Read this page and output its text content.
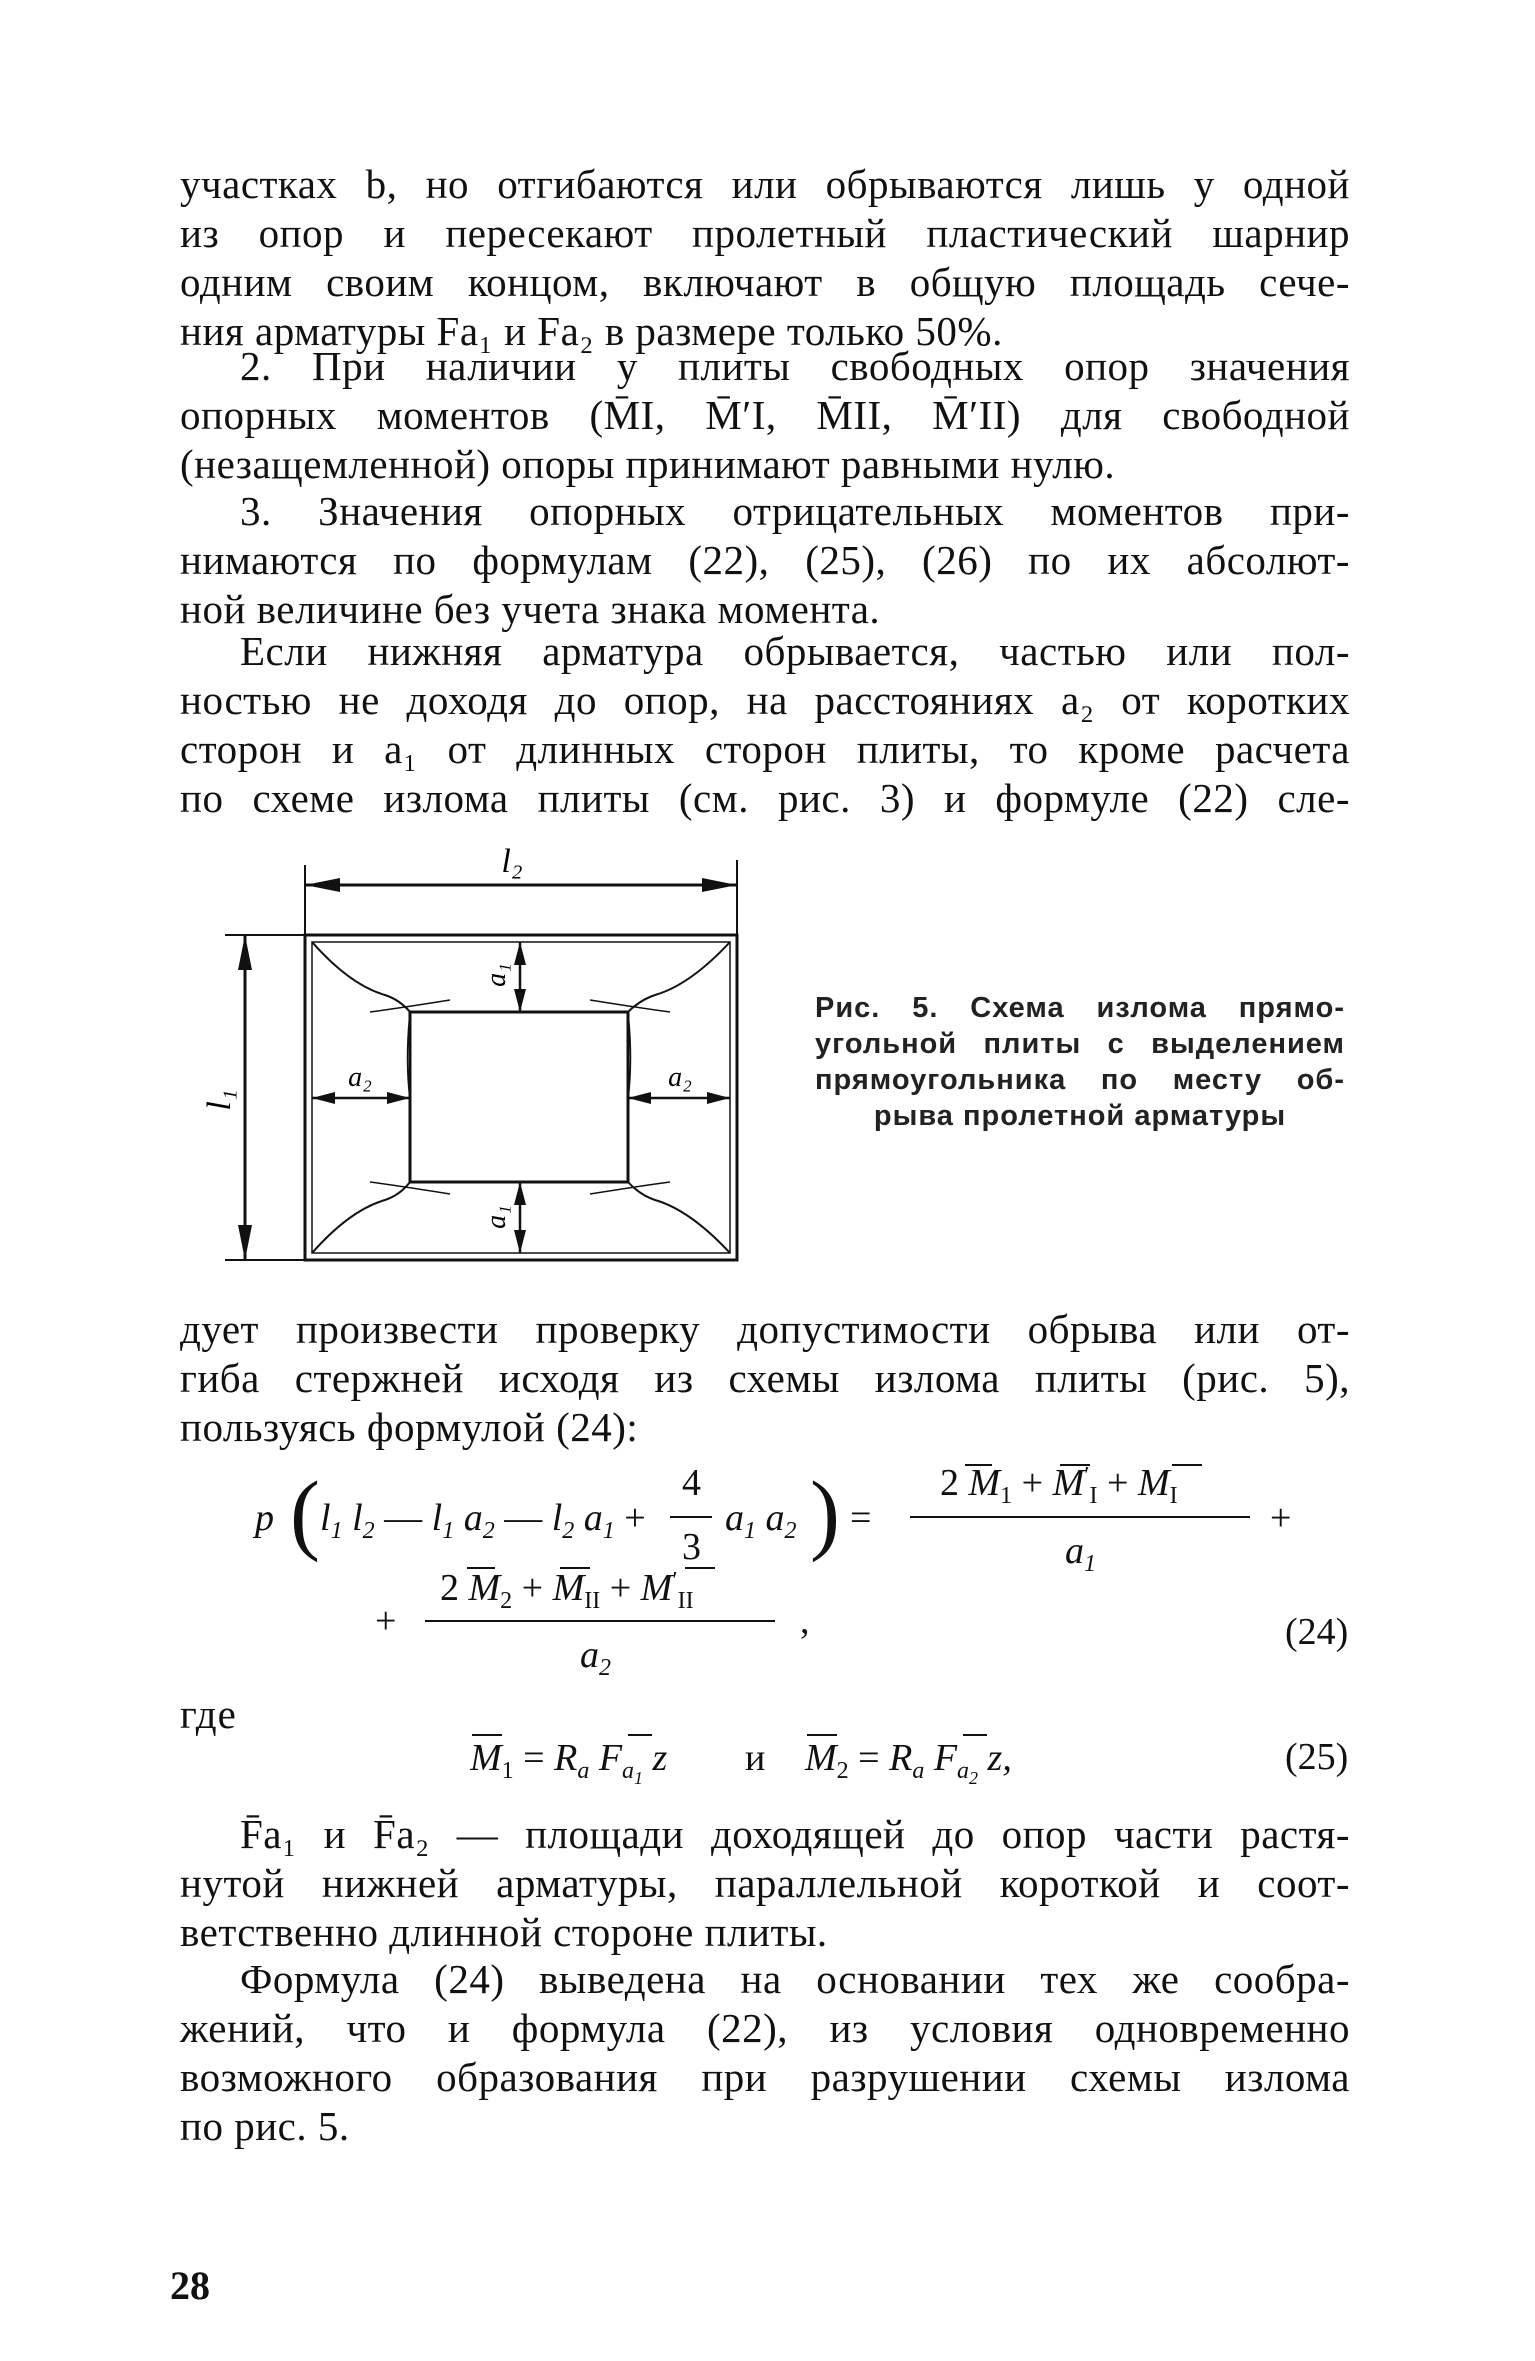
участках b, но отгибаются или обрываются лишь у одной
из опор и пересекают пролетный пластический шарнир
одним своим концом, включают в общую площадь сече-
ния арматуры Fa₁ и Fa₂ в размере только 50%.
2. При наличии у плиты свободных опор значения
опорных моментов (M̄I, M̄′I, M̄II, M̄′II) для свободной
(незащемленной) опоры принимают равными нулю.
3. Значения опорных отрицательных моментов при-
нимаются по формулам (22), (25), (26) по их абсолют-
ной величине без учета знака момента.
Если нижняя арматура обрывается, частью или пол-
ностью не доходя до опор, на расстояниях a₂ от коротких
сторон и a₁ от длинных сторон плиты, то кроме расчета
по схеме излома плиты (см. рис. 3) и формуле (22) сле-
l₂
l₁
a₁
a₁
a₂	a₂
Рис. 5. Схема излома прямо-
угольной плиты с выделением
прямоугольника по месту об-
рыва пролетной арматуры
дует произвести проверку допустимости обрыва или от-
гиба стержней исходя из схемы излома плиты (рис. 5),
пользуясь формулой (24):
p ( $l_1$ $l_2$ — $l_1$ $a_2$ — $l_2$ $a_1$ +
4
3
$a_1$ $a_2$ ) =
2 $M_1 + M'_I + M_I$
$a_1$
+
+
2 $M_2 + M_{II} + M'_{II}$
$a_2$
,	(24)
где
$M_1 = R_a$ $F_a1$ z и $M_2 = R_a$ $F_a2$ z,	(25)
F̄a₁ и F̄a₂ — площади доходящей до опор части растя-
нутой нижней арматуры, параллельной короткой и соот-
ветственно длинной стороне плиты.
Формула (24) выведена на основании тех же сообра-
жений, что и формула (22), из условия одновременно
возможного образования при разрушении схемы излома
по рис. 5.
28
